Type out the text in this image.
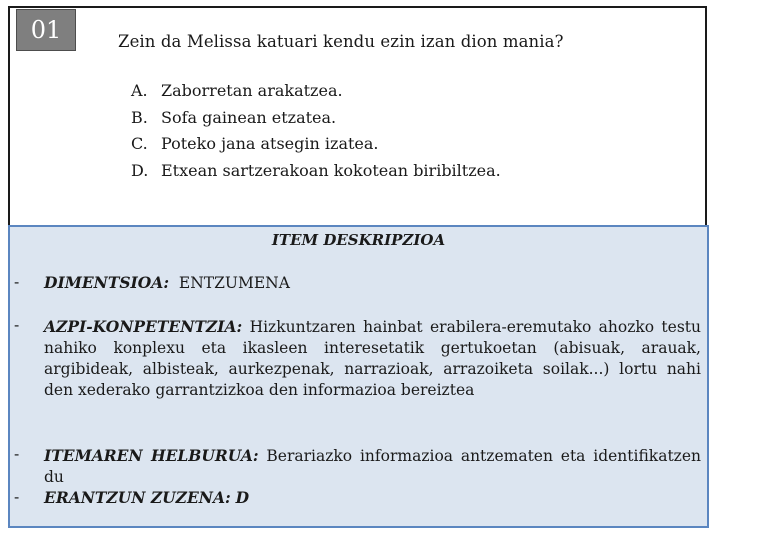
01	Zein da Melissa katuari kendu ezin izan dion mania?
A. Zaborretan arakatzea.
B. Sofa gainean etzatea.
C. Poteko jana atsegin izatea.
D. Etxean sartzerakoan kokotean biribiltzea.
ITEM DESKRIPZIOA
- DIMENTSIOA: ENTZUMENA
- AZPI-KONPETENTZIA: Hizkuntzaren hainbat erabilera-eremutako ahozko testu nahiko konplexu eta ikasleen interesetatik gertukoetan (abisuak, arauak, argibideak, albisteak, aurkezpenak, narrazioak, arrazoiketa soilak...) lortu nahi den xederako garrantzizkoa den informazioa bereiztea
- ITEMAREN HELBURUA: Berariazko informazioa antzematen eta identifikatzen du
- ERANTZUN ZUZENA: D
